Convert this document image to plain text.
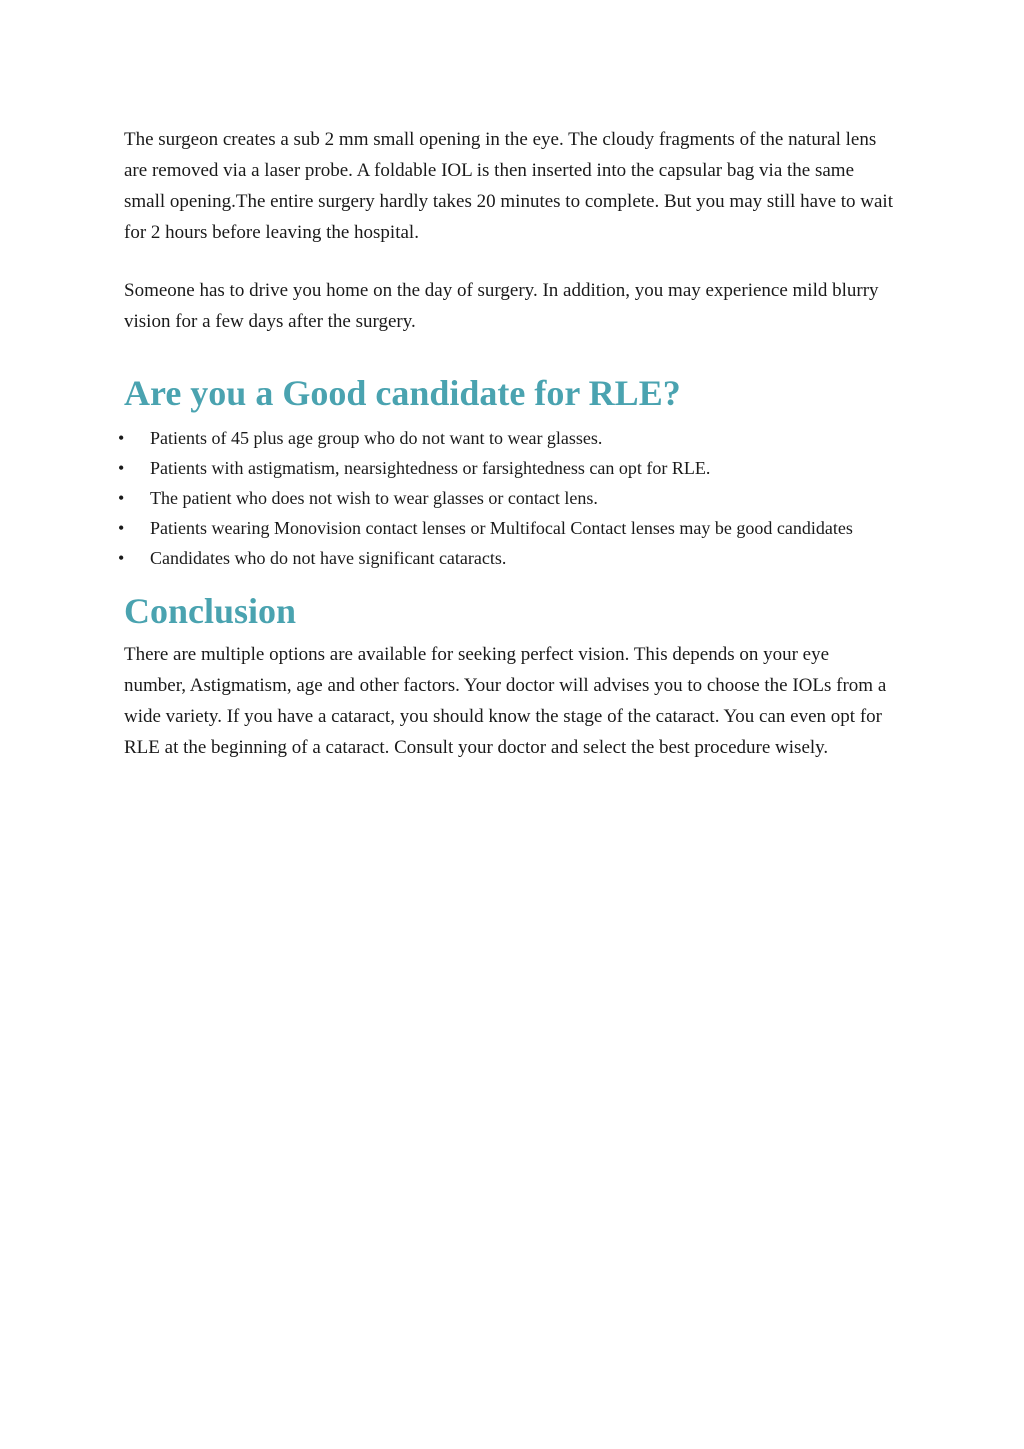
The surgeon creates a sub 2 mm small opening in the eye. The cloudy fragments of the natural lens are removed via a laser probe. A foldable IOL is then inserted into the capsular bag via the same small opening.The entire surgery hardly takes 20 minutes to complete. But you may still have to wait for 2 hours before leaving the hospital.

Someone has to drive you home on the day of surgery. In addition, you may experience mild blurry vision for a few days after the surgery.

Are you a Good candidate for RLE?
• Patients of 45 plus age group who do not want to wear glasses.
• Patients with astigmatism, nearsightedness or farsightedness can opt for RLE.
• The patient who does not wish to wear glasses or contact lens.
• Patients wearing Monovision contact lenses or Multifocal Contact lenses may be good candidates
• Candidates who do not have significant cataracts.
Conclusion

There are multiple options are available for seeking perfect vision. This depends on your eye number, Astigmatism, age and other factors. Your doctor will advises you to choose the IOLs from a wide variety. If you have a cataract, you should know the stage of the cataract. You can even opt for RLE at the beginning of a cataract. Consult your doctor and select the best procedure wisely.
